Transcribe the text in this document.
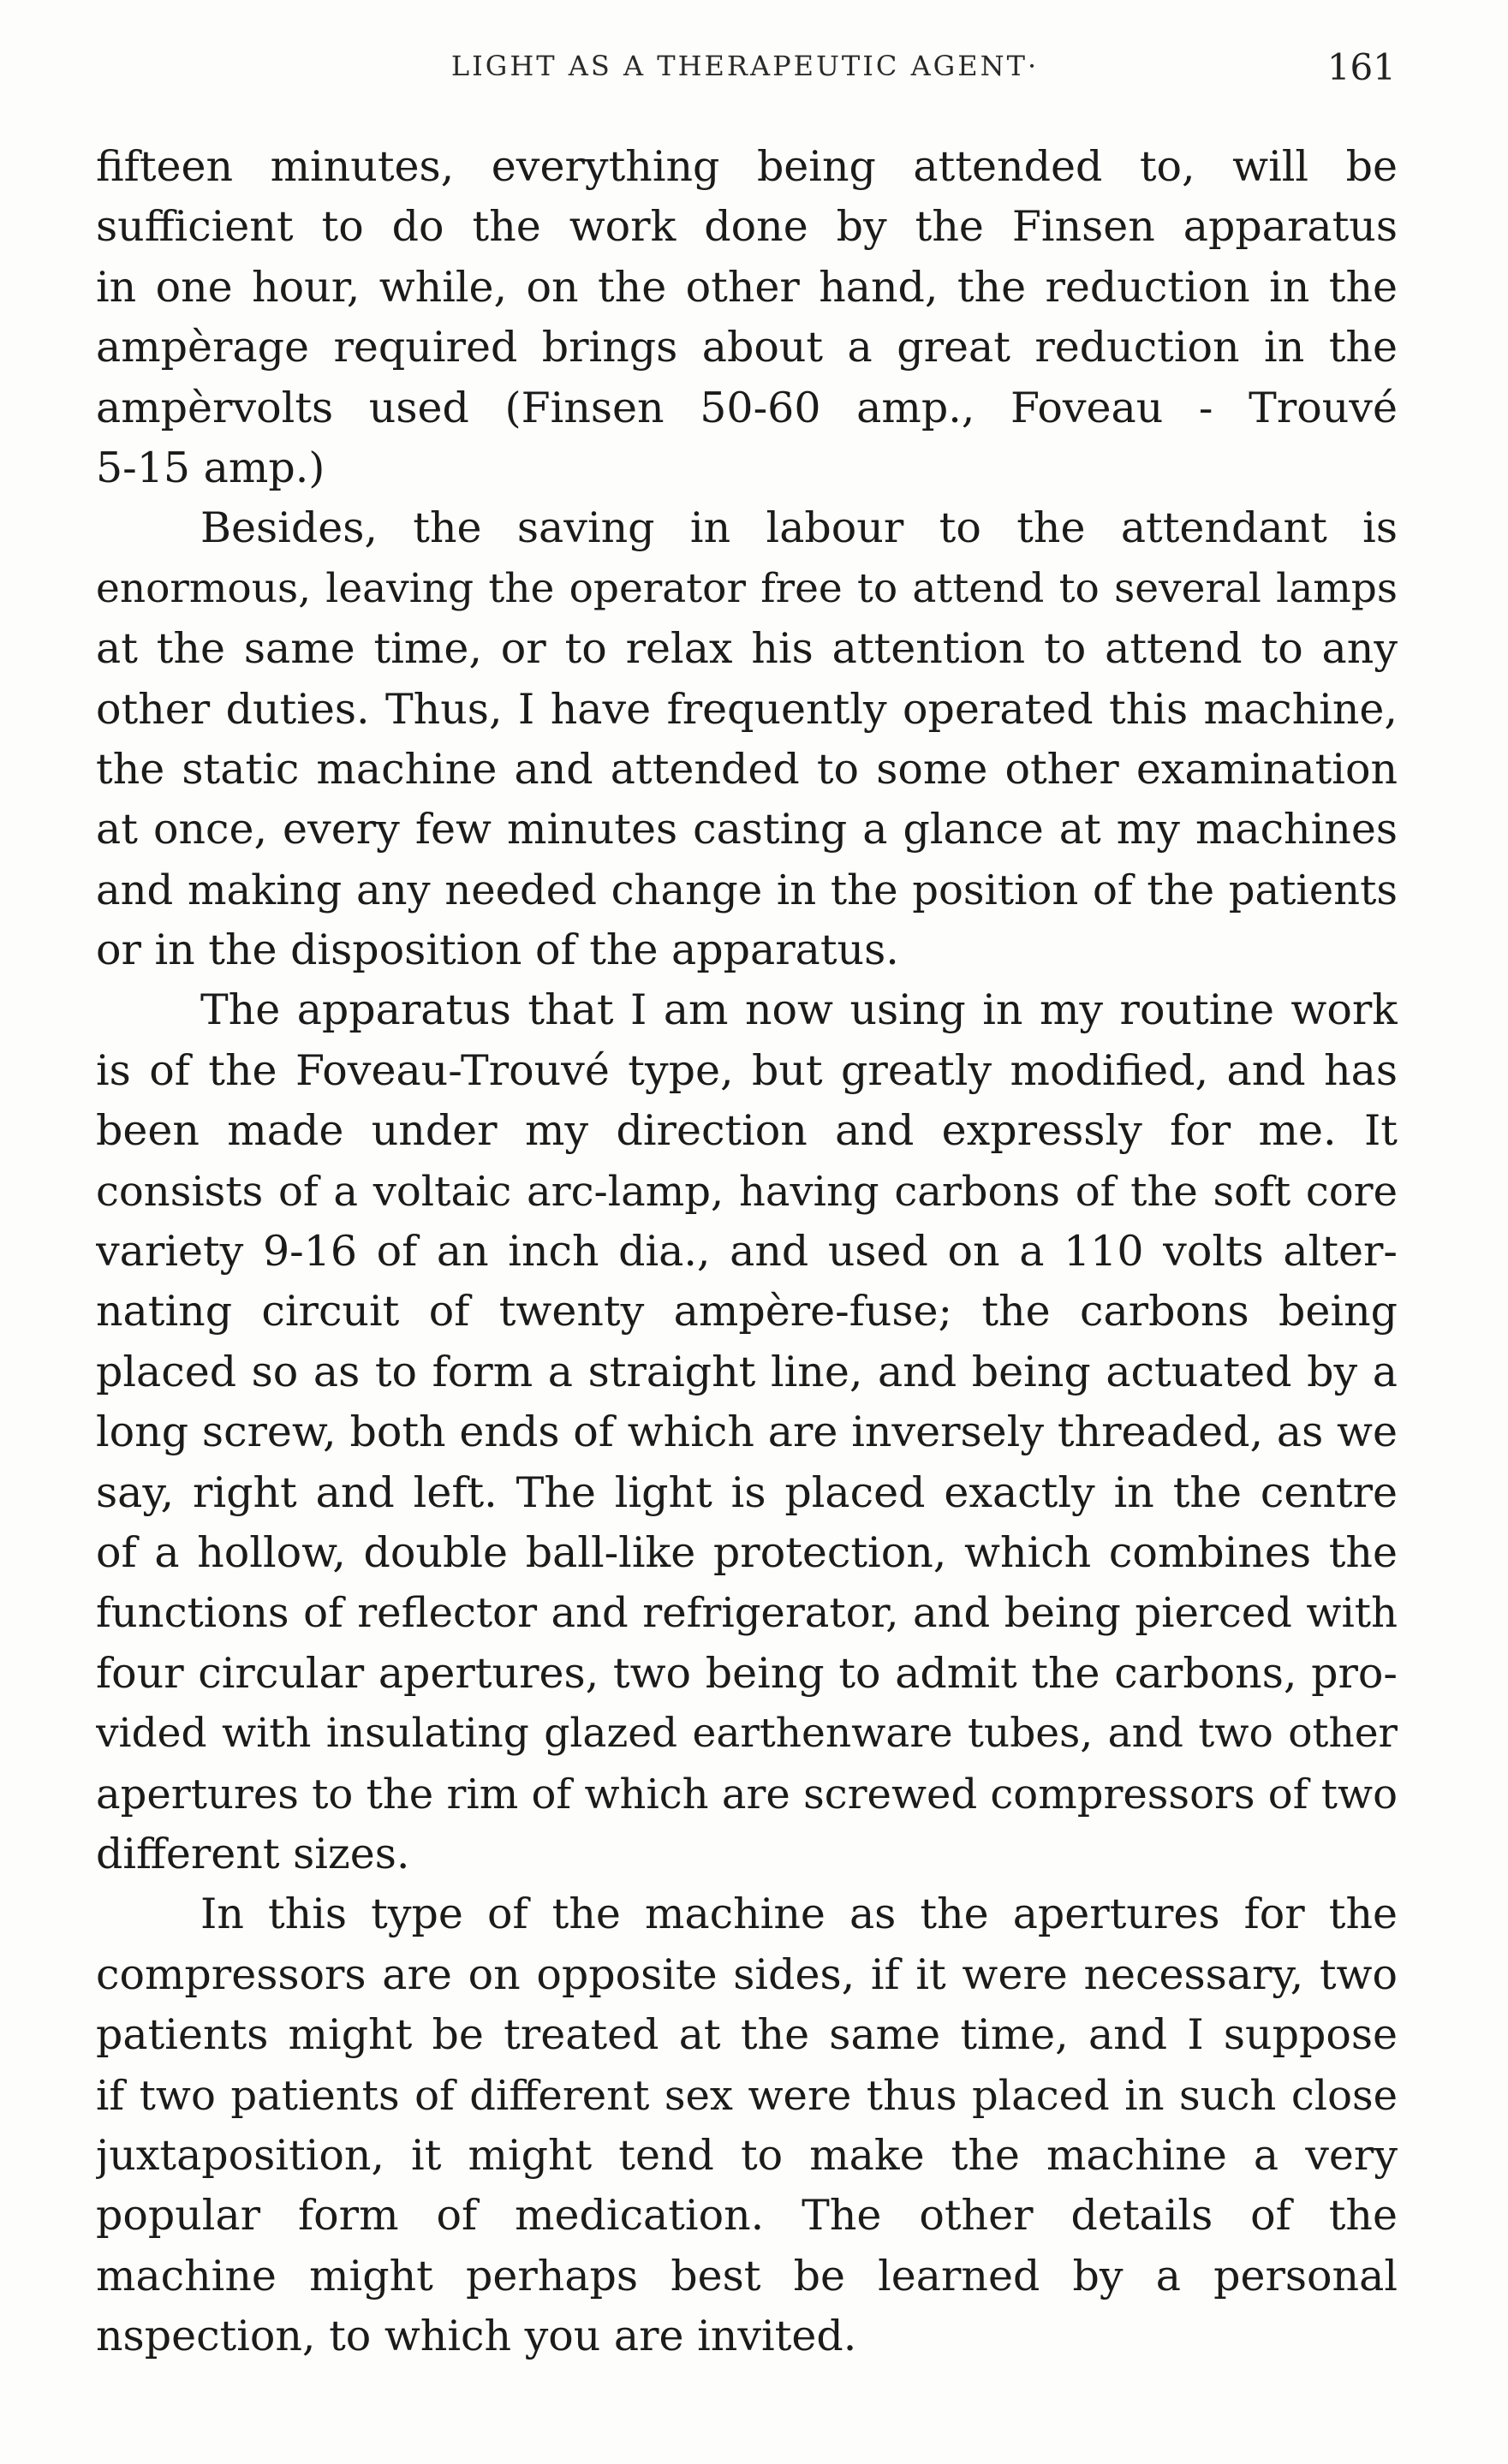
LIGHT AS A THERAPEUTIC AGENT·	161
fifteen minutes, everything being attended to, will be
sufficient to do the work done by the Finsen apparatus
in one hour, while, on the other hand, the reduction in the
ampèrage required brings about a great reduction in the
ampèrvolts used (Finsen 50-60 amp., Foveau - Trouvé
5-15 amp.)
Besides, the saving in labour to the attendant is
enormous, leaving the operator free to attend to several lamps
at the same time, or to relax his attention to attend to any
other duties. Thus, I have frequently operated this machine,
the static machine and attended to some other examination
at once, every few minutes casting a glance at my machines
and making any needed change in the position of the patients
or in the disposition of the apparatus.
The apparatus that I am now using in my routine work
is of the Foveau-Trouvé type, but greatly modified, and has
been made under my direction and expressly for me. It
consists of a voltaic arc-lamp, having carbons of the soft core
variety 9-16 of an inch dia., and used on a 110 volts alter-
nating circuit of twenty ampère-fuse; the carbons being
placed so as to form a straight line, and being actuated by a
long screw, both ends of which are inversely threaded, as we
say, right and left. The light is placed exactly in the centre
of a hollow, double ball-like protection, which combines the
functions of reflector and refrigerator, and being pierced with
four circular apertures, two being to admit the carbons, pro-
vided with insulating glazed earthenware tubes, and two other
apertures to the rim of which are screwed compressors of two
different sizes.
In this type of the machine as the apertures for the
compressors are on opposite sides, if it were necessary, two
patients might be treated at the same time, and I suppose
if two patients of different sex were thus placed in such close
juxtaposition, it might tend to make the machine a very
popular form of medication. The other details of the
machine might perhaps best be learned by a personal
nspection, to which you are invited.
